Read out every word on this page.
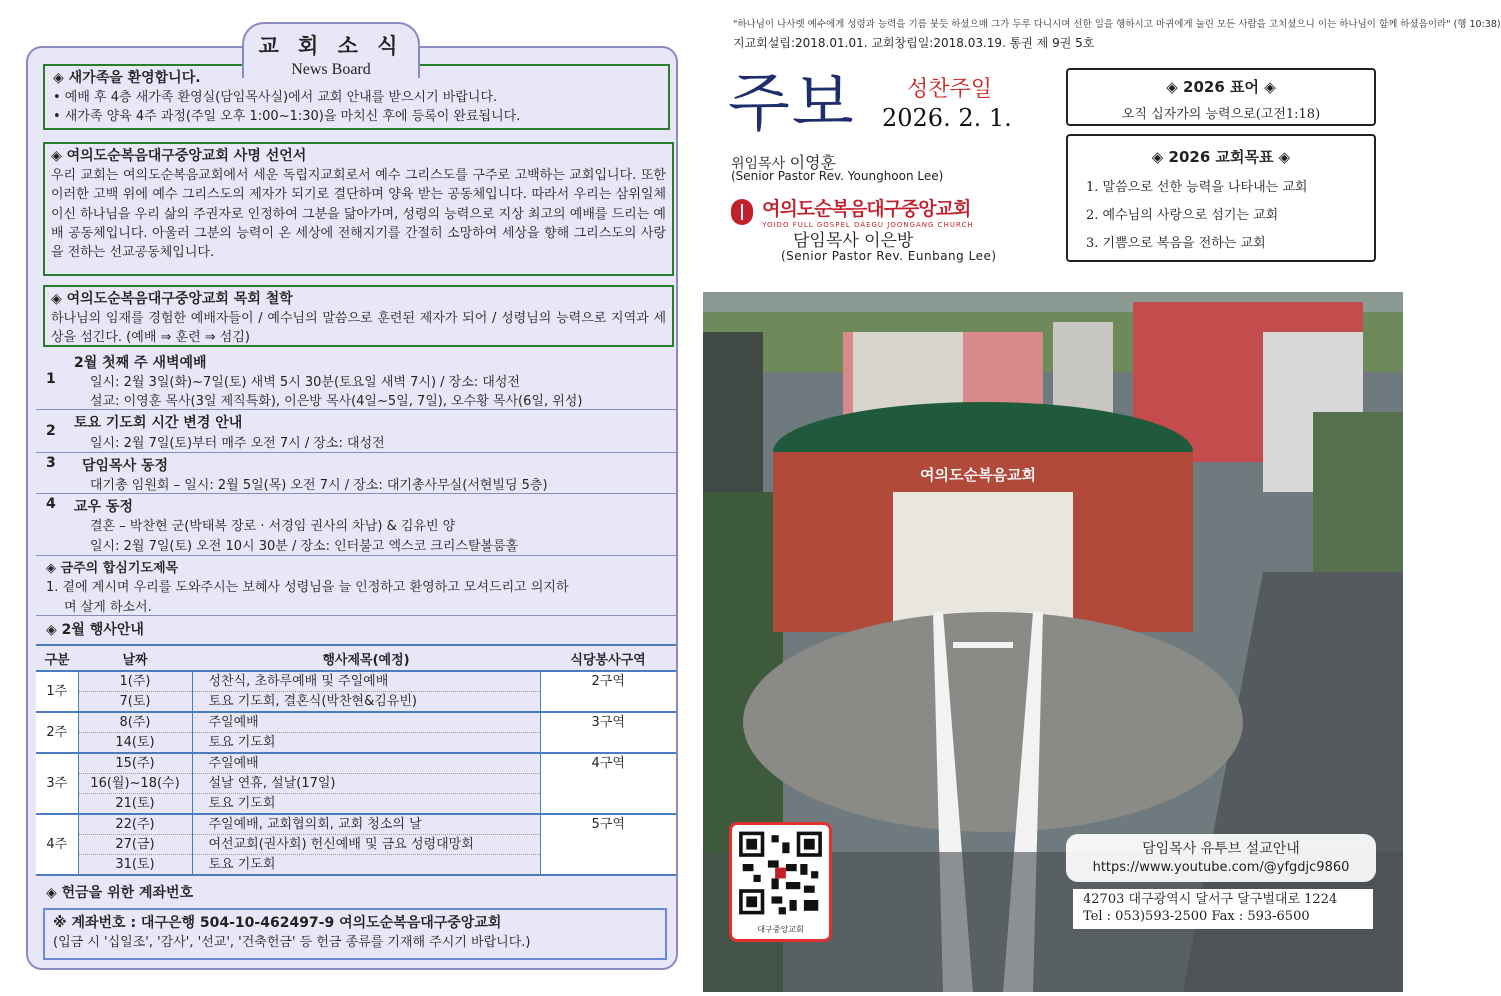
교 회 소 식
News Board
◈ 새가족을 환영합니다.
• 예배 후 4층 새가족 환영실(담임목사실)에서 교회 안내를 받으시기 바랍니다.
• 새가족 양육 4주 과정(주일 오후 1:00~1:30)을 마치신 후에 등록이 완료됩니다.
◈ 여의도순복음대구중앙교회 사명 선언서
우리 교회는 여의도순복음교회에서 세운 독립지교회로서 예수 그리스도를 구주로 고백하는 교회입니다. 또한 이러한 고백 위에 예수 그리스도의 제자가 되기로 결단하며 양육 받는 공동체입니다. 따라서 우리는 삼위일체이신 하나님을 우리 삶의 주권자로 인정하여 그분을 닮아가며, 성령의 능력으로 지상 최고의 예배를 드리는 예배 공동체입니다. 아울러 그분의 능력이 온 세상에 전해지기를 간절히 소망하여 세상을 향해 그리스도의 사랑을 전하는 선교공동체입니다.
◈ 여의도순복음대구중앙교회 목회 철학
하나님의 임재를 경험한 예배자들이 / 예수님의 말씀으로 훈련된 제자가 되어 / 성령님의 능력으로 지역과 세상을 섬긴다. (예배 ⇒ 훈련 ⇒ 섬김)
2월 첫째 주 새벽예배
1	일시: 2월 3일(화)~7일(토) 새벽 5시 30분(토요일 새벽 7시) / 장소: 대성전
설교: 이영훈 목사(3일 제직특화), 이은방 목사(4일~5일, 7일), 오수황 목사(6일, 위성)
2 토요 기도회 시간 변경 안내
일시: 2월 7일(토)부터 매주 오전 7시 / 장소: 대성전
3 담임목사 동정
대기총 임원회 – 일시: 2월 5일(목) 오전 7시 / 장소: 대기총사무실(서현빌딩 5층)
4 교우 동정
결혼 – 박찬현 군(박태복 장로 · 서경임 권사의 차남) & 김유빈 양
일시: 2월 7일(토) 오전 10시 30분 / 장소: 인터불고 엑스코 크리스탈볼룸홀
◈ 금주의 합심기도제목
1. 곁에 계시며 우리를 도와주시는 보혜사 성령님을 늘 인정하고 환영하고 모셔드리고 의지하
며 살게 하소서.
◈ 2월 행사안내
구분	날짜	행사제목(예정)	식당봉사구역
1주	1(주)	성찬식, 초하루예배 및 주일예배	2구역
	7(토)	토요 기도회, 결혼식(박찬현&김유빈)	
2주	8(주)	주일예배	3구역
	14(토)	토요 기도회	
3주	15(주)	주일예배	4구역
	16(월)~18(수)	설날 연휴, 설날(17일)	
	21(토)	토요 기도회	
4주	22(주)	주일예배, 교회협의회, 교회 청소의 날	5구역
	27(금)	여선교회(권사회) 헌신예배 및 금요 성령대망회	
	31(토)	토요 기도회	
◈ 헌금을 위한 계좌번호
※ 계좌번호 : 대구은행 504-10-462497-9 여의도순복음대구중앙교회
(입금 시 '십일조', '감사', '선교', '건축헌금' 등 헌금 종류를 기재해 주시기 바랍니다.)
여의도순복음교회
"하나님이 나사렛 예수에게 성령과 능력을 기름 붓듯 하셨으매 그가 두루 다니시며 선한 일을 행하시고 마귀에게 눌린 모든 사람을 고치셨으니 이는 하나님이 함께 하셨음이라" (행 10:38)
지교회설립:2018.01.01. 교회창립일:2018.03.19. 통권 제 9권 5호
주보 성찬주일
2026. 2. 1.
위임목사 이영훈
(Senior Pastor Rev. Younghoon Lee)

여의도순복음대구중앙교회
YOIDO FULL GOSPEL DAEGU JOONGANG CHURCH
담임목사 이은방
(Senior Pastor Rev. Eunbang Lee)
◈ 2026 표어 ◈
오직 십자가의 능력으로(고전1:18)
◈ 2026 교회목표 ◈
1. 말씀으로 선한 능력을 나타내는 교회
2. 예수님의 사랑으로 섬기는 교회
3. 기쁨으로 복음을 전하는 교회
대구중앙교회
담임목사 유투브 설교안내
https://www.youtube.com/@yfgdjc9860
42703 대구광역시 달서구 달구벌대로 1224
Tel : 053)593-2500 Fax : 593-6500
